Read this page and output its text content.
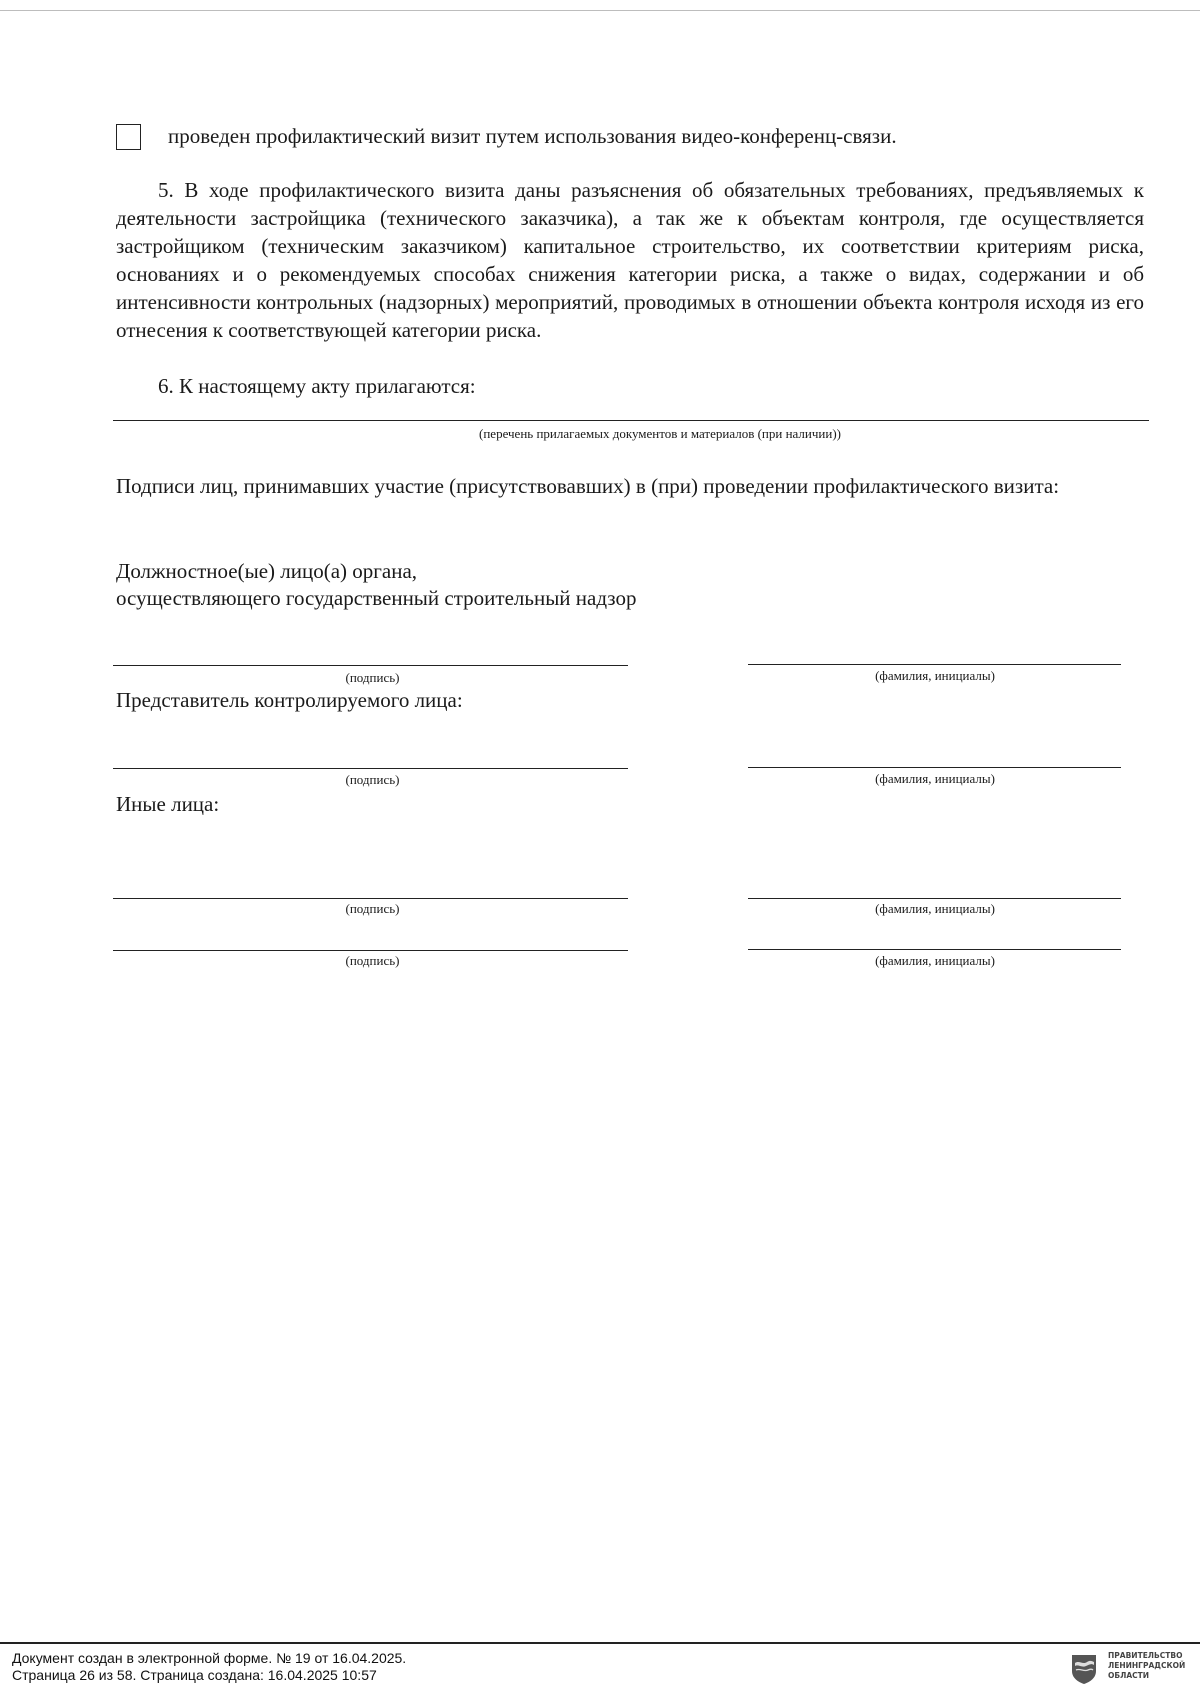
проведен профилактический визит путем использования видео-конференц-связи.

5. В ходе профилактического визита даны разъяснения об обязательных требованиях, предъявляемых к деятельности застройщика (технического заказчика), а так же к объектам контроля, где осуществляется застройщиком (техническим заказчиком) капитальное строительство, их соответствии критериям риска, основаниях и о рекомендуемых способах снижения категории риска, а также о видах, содержании и об интенсивности контрольных (надзорных) мероприятий, проводимых в отношении объекта контроля исходя из его отнесения к соответствующей категории риска.

6. К настоящему акту прилагаются:
(перечень прилагаемых документов и материалов (при наличии))
Подписи лиц, принимавших участие (присутствовавших) в (при) проведении профилактического визита:
Должностное(ые) лицо(а) органа,
осуществляющего государственный строительный надзор
(подпись)	(фамилия, инициалы)
Представитель контролируемого лица:
(подпись)	(фамилия, инициалы)
Иные лица:
(подпись)	(фамилия, инициалы)
(подпись)	(фамилия, инициалы)
Документ создан в электронной форме. № 19 от 16.04.2025.
Страница 26 из 58. Страница создана: 16.04.2025 10:57
ПРАВИТЕЛЬСТВО
ЛЕНИНГРАДСКОЙ
ОБЛАСТИ
